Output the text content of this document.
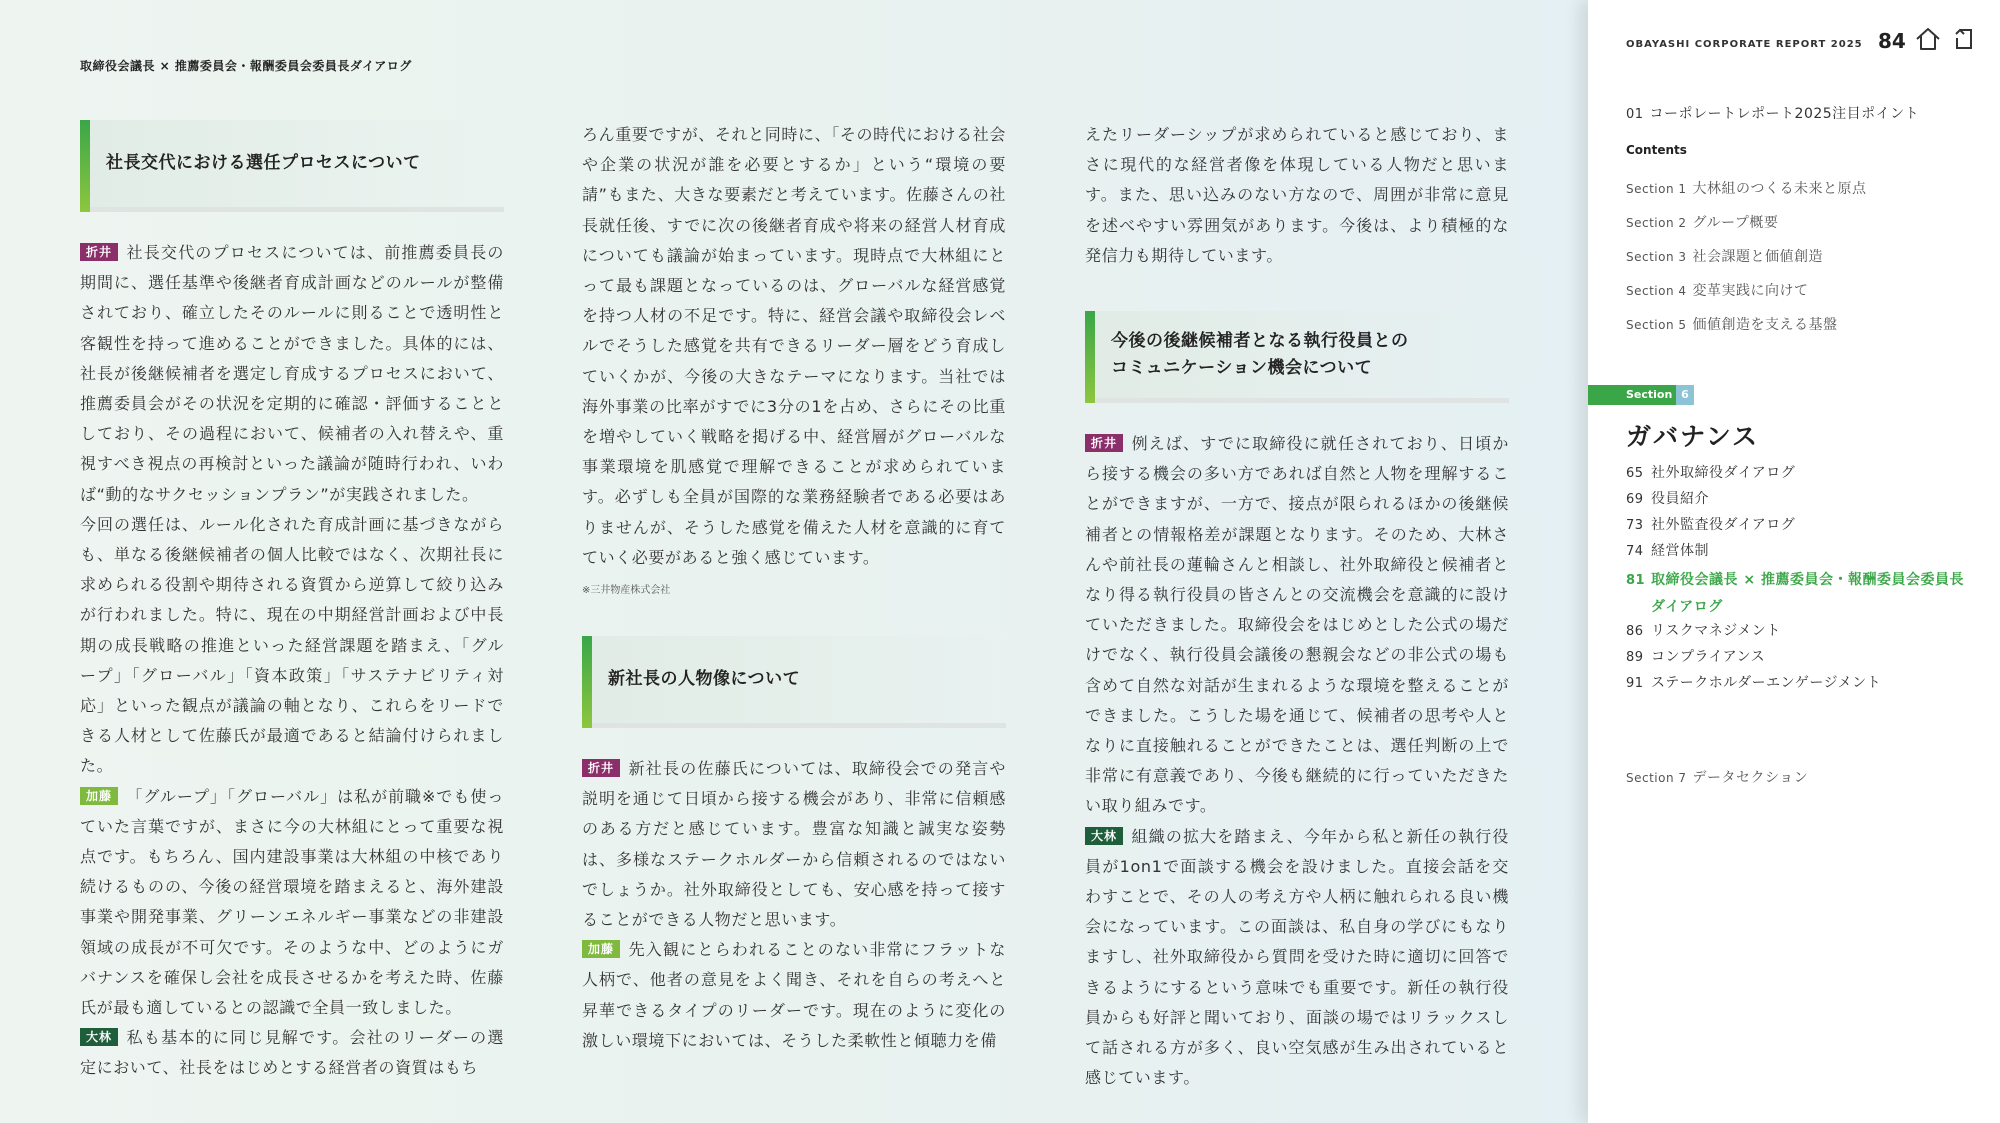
取締役会議長 × 推薦委員会・報酬委員会委員長ダイアログ
社長交代における選任プロセスについて

折井 社長交代のプロセスについては、前推薦委員長の期間に、選任基準や後継者育成計画などのルールが整備されており、確立したそのルールに則ることで透明性と客観性を持って進めることができました。具体的には、社長が後継候補者を選定し育成するプロセスにおいて、推薦委員会がその状況を定期的に確認・評価することとしており、その過程において、候補者の入れ替えや、重視すべき視点の再検討といった議論が随時行われ、いわば“動的なサクセッションプラン”が実践されました。

今回の選任は、ルール化された育成計画に基づきながらも、単なる後継候補者の個人比較ではなく、次期社長に求められる役割や期待される資質から逆算して絞り込みが行われました。特に、現在の中期経営計画および中長期の成長戦略の推進といった経営課題を踏まえ、「グループ」「グローバル」「資本政策」「サステナビリティ対応」といった観点が議論の軸となり、これらをリードできる人材として佐藤氏が最適であると結論付けられました。

加藤 「グループ」「グローバル」は私が前職※でも使っていた言葉ですが、まさに今の大林組にとって重要な視点です。もちろん、国内建設事業は大林組の中核であり続けるものの、今後の経営環境を踏まえると、海外建設事業や開発事業、グリーンエネルギー事業などの非建設領域の成長が不可欠です。そのような中、どのようにガバナンスを確保し会社を成長させるかを考えた時、佐藤氏が最も適しているとの認識で全員一致しました。

大林 私も基本的に同じ見解です。会社のリーダーの選定において、社長をはじめとする経営者の資質はもち

ろん重要ですが、それと同時に、「その時代における社会や企業の状況が誰を必要とするか」という“環境の要請”もまた、大きな要素だと考えています。佐藤さんの社長就任後、すでに次の後継者育成や将来の経営人材育成についても議論が始まっています。現時点で大林組にとって最も課題となっているのは、グローバルな経営感覚を持つ人材の不足です。特に、経営会議や取締役会レベルでそうした感覚を共有できるリーダー層をどう育成していくかが、今後の大きなテーマになります。当社では海外事業の比率がすでに3分の1を占め、さらにその比重を増やしていく戦略を掲げる中、経営層がグローバルな事業環境を肌感覚で理解できることが求められています。必ずしも全員が国際的な業務経験者である必要はありませんが、そうした感覚を備えた人材を意識的に育てていく必要があると強く感じています。

※三井物産株式会社
新社長の人物像について

折井 新社長の佐藤氏については、取締役会での発言や説明を通じて日頃から接する機会があり、非常に信頼感のある方だと感じています。豊富な知識と誠実な姿勢は、多様なステークホルダーから信頼されるのではないでしょうか。社外取締役としても、安心感を持って接することができる人物だと思います。

加藤 先入観にとらわれることのない非常にフラットな人柄で、他者の意見をよく聞き、それを自らの考えへと昇華できるタイプのリーダーです。現在のように変化の激しい環境下においては、そうした柔軟性と傾聴力を備

えたリーダーシップが求められていると感じており、まさに現代的な経営者像を体現している人物だと思います。また、思い込みのない方なので、周囲が非常に意見を述べやすい雰囲気があります。今後は、より積極的な発信力も期待しています。

今後の後継候補者となる執行役員との
コミュニケーション機会について

折井 例えば、すでに取締役に就任されており、日頃から接する機会の多い方であれば自然と人物を理解することができますが、一方で、接点が限られるほかの後継候補者との情報格差が課題となります。そのため、大林さんや前社長の蓮輪さんと相談し、社外取締役と候補者となり得る執行役員の皆さんとの交流機会を意識的に設けていただきました。取締役会をはじめとした公式の場だけでなく、執行役員会議後の懇親会などの非公式の場も含めて自然な対話が生まれるような環境を整えることができました。こうした場を通じて、候補者の思考や人となりに直接触れることができたことは、選任判断の上で非常に有意義であり、今後も継続的に行っていただきたい取り組みです。

大林 組織の拡大を踏まえ、今年から私と新任の執行役員が1on1で面談する機会を設けました。直接会話を交わすことで、その人の考え方や人柄に触れられる良い機会になっています。この面談は、私自身の学びにもなりますし、社外取締役から質問を受けた時に適切に回答できるようにするという意味でも重要です。新任の執行役員からも好評と聞いており、面談の場ではリラックスして話される方が多く、良い空気感が生み出されていると感じています。

OBAYASHI CORPORATE REPORT 2025 84
01 コーポレートレポート2025注目ポイント
Contents
Section 1 大林組のつくる未来と原点
Section 2 グループ概要
Section 3 社会課題と価値創造
Section 4 変革実践に向けて
Section 5 価値創造を支える基盤
Section 6
ガバナンス
65 社外取締役ダイアログ
69 役員紹介
73 社外監査役ダイアログ
74 経営体制
81 取締役会議長 × 推薦委員会・報酬委員会委員長
ダイアログ
86 リスクマネジメント
89 コンプライアンス
91 ステークホルダーエンゲージメント
Section 7 データセクション
